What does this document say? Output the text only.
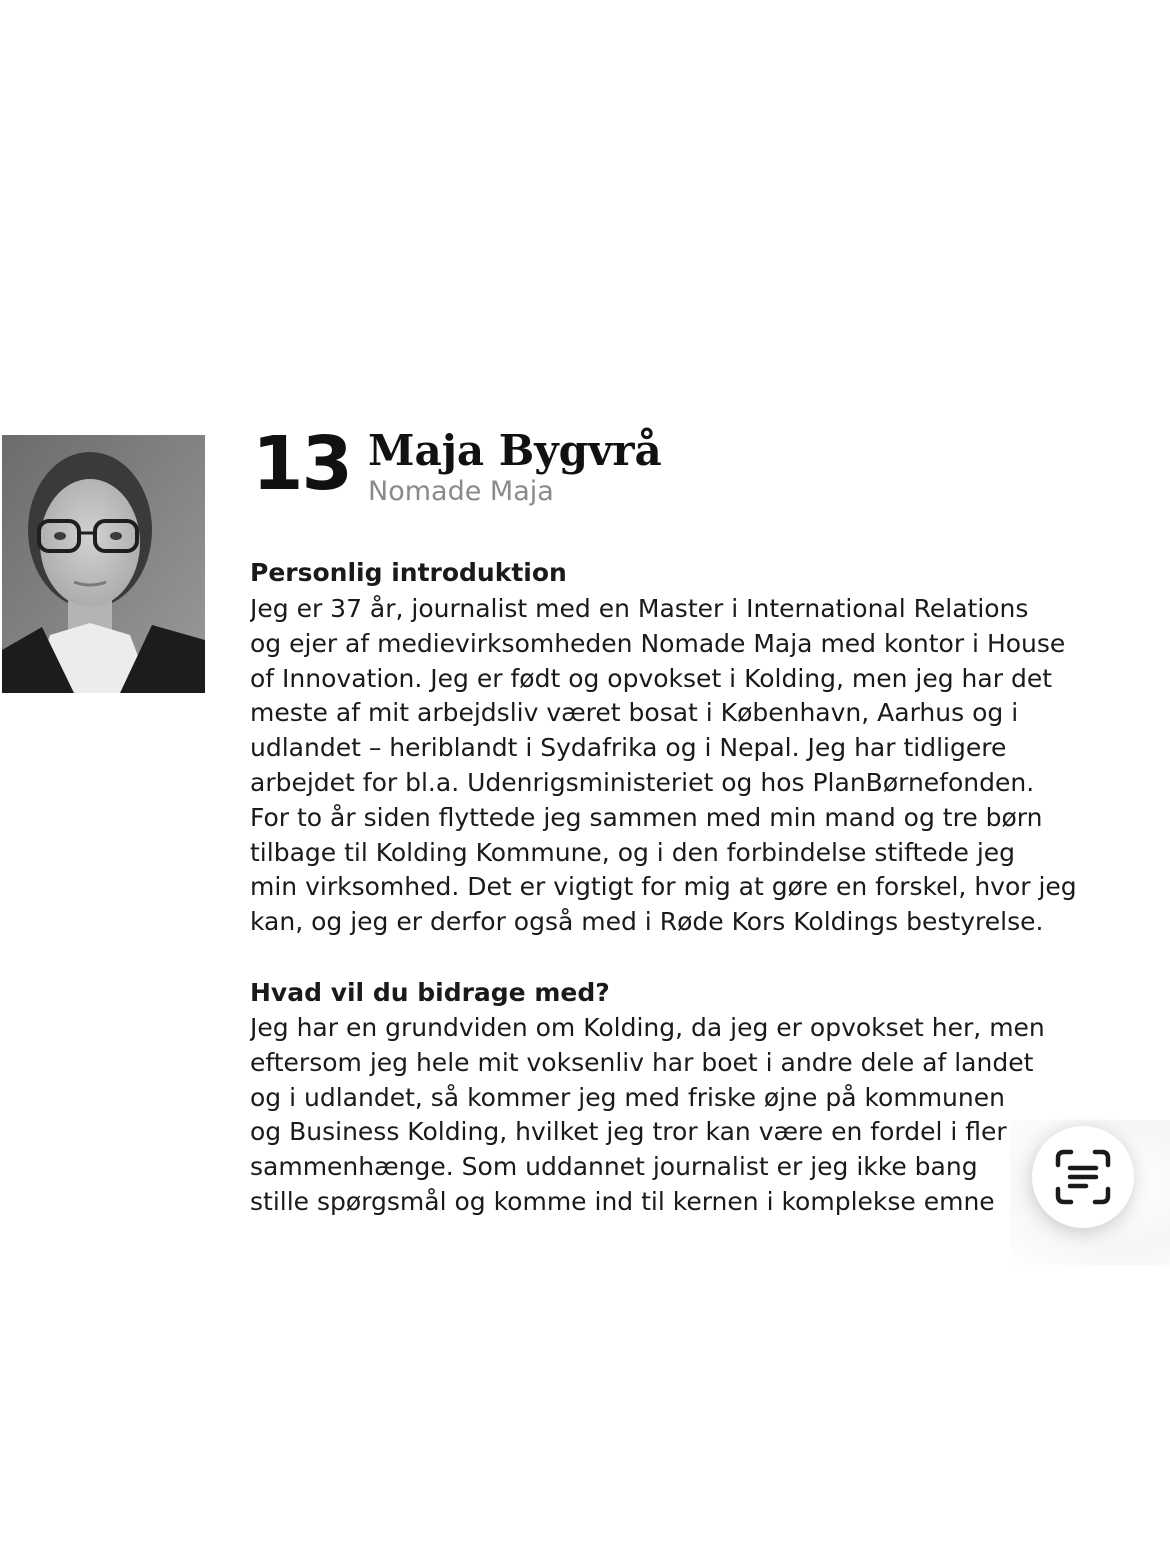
13 Maja Bygvrå
Nomade Maja
Personlig introduktion
Jeg er 37 år, journalist med en Master i International Relations
og ejer af medievirksomheden Nomade Maja med kontor i House
of Innovation. Jeg er født og opvokset i Kolding, men jeg har det
meste af mit arbejdsliv været bosat i København, Aarhus og i
udlandet – heriblandt i Sydafrika og i Nepal. Jeg har tidligere
arbejdet for bl.a. Udenrigsministeriet og hos PlanBørnefonden.
For to år siden flyttede jeg sammen med min mand og tre børn
tilbage til Kolding Kommune, og i den forbindelse stiftede jeg
min virksomhed. Det er vigtigt for mig at gøre en forskel, hvor jeg
kan, og jeg er derfor også med i Røde Kors Koldings bestyrelse.
Hvad vil du bidrage med?
Jeg har en grundviden om Kolding, da jeg er opvokset her, men
eftersom jeg hele mit voksenliv har boet i andre dele af landet
og i udlandet, så kommer jeg med friske øjne på kommunen
og Business Kolding, hvilket jeg tror kan være en fordel i fler
sammenhænge. Som uddannet journalist er jeg ikke bang
stille spørgsmål og komme ind til kernen i komplekse emne
